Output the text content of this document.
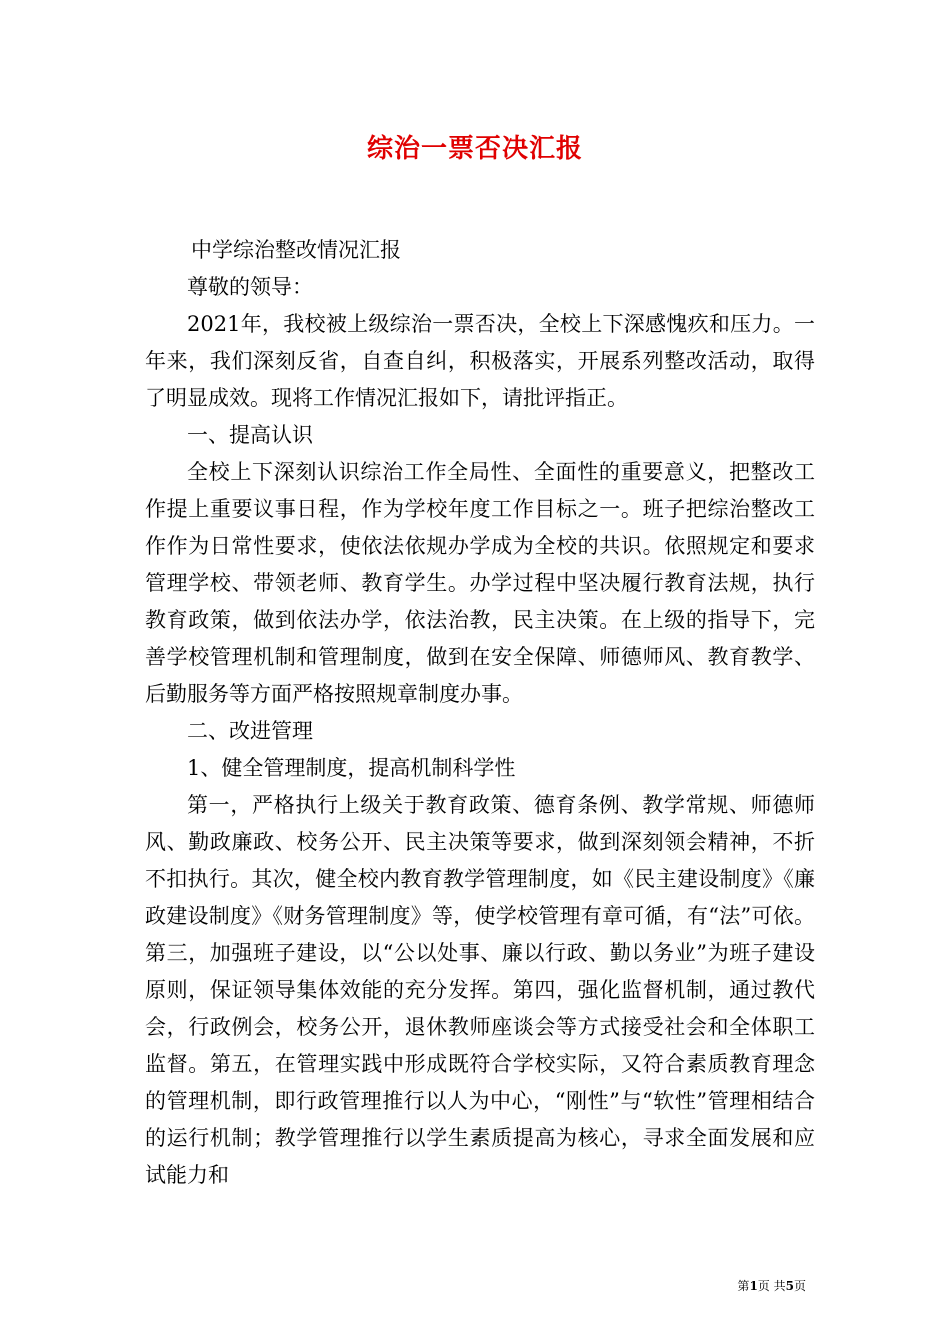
综治一票否决汇报

中学综治整改情况汇报

尊敬的领导：

2021年，我校被上级综治一票否决，全校上下深感愧疚和压力。一年来，我们深刻反省，自查自纠，积极落实，开展系列整改活动，取得了明显成效。现将工作情况汇报如下，请批评指正。

一、提高认识

全校上下深刻认识综治工作全局性、全面性的重要意义，把整改工作提上重要议事日程，作为学校年度工作目标之一。班子把综治整改工作作为日常性要求，使依法依规办学成为全校的共识。依照规定和要求管理学校、带领老师、教育学生。办学过程中坚决履行教育法规，执行教育政策，做到依法办学，依法治教，民主决策。在上级的指导下，完善学校管理机制和管理制度，做到在安全保障、师德师风、教育教学、后勤服务等方面严格按照规章制度办事。

二、改进管理

1、健全管理制度，提高机制科学性

第一，严格执行上级关于教育政策、德育条例、教学常规、师德师风、勤政廉政、校务公开、民主决策等要求，做到深刻领会精神，不折不扣执行。其次，健全校内教育教学管理制度，如《民主建设制度》《廉政建设制度》《财务管理制度》等，使学校管理有章可循，有“法”可依。第三，加强班子建设，以“公以处事、廉以行政、勤以务业”为班子建设原则，保证领导集体效能的充分发挥。第四，强化监督机制，通过教代会，行政例会，校务公开，退休教师座谈会等方式接受社会和全体职工监督。第五，在管理实践中形成既符合学校实际，又符合素质教育理念的管理机制，即行政管理推行以人为中心，“刚性”与“软性”管理相结合的运行机制；教学管理推行以学生素质提高为核心，寻求全面发展和应试能力和

第1页 共5页
